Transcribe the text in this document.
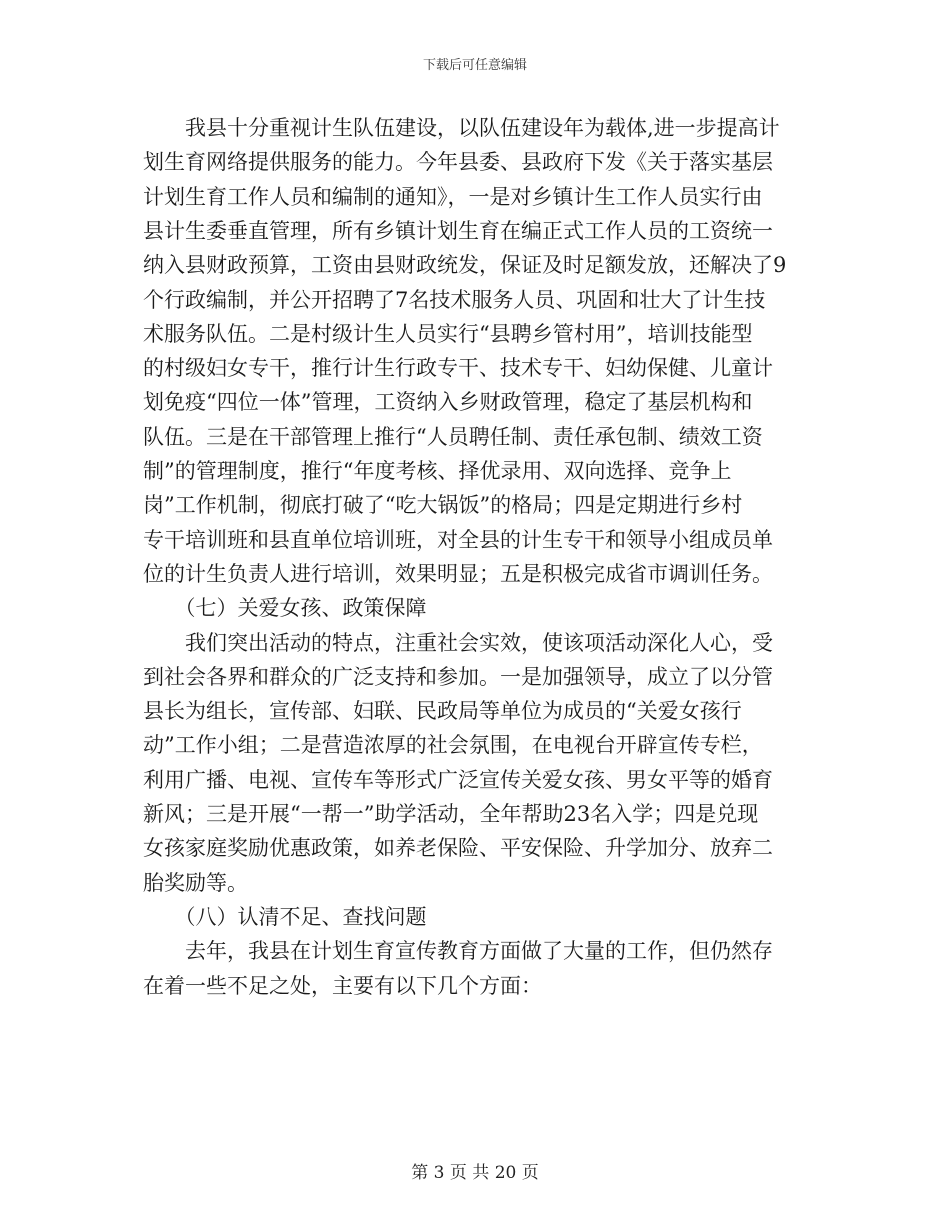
下载后可任意编辑
　　我县十分重视计生队伍建设，以队伍建设年为载体,进一步提高计
划生育网络提供服务的能力。今年县委、县政府下发《关于落实基层
计划生育工作人员和编制的通知》，一是对乡镇计生工作人员实行由
县计生委垂直管理，所有乡镇计划生育在编正式工作人员的工资统一
纳入县财政预算，工资由县财政统发，保证及时足额发放，还解决了9
个行政编制，并公开招聘了7名技术服务人员、巩固和壮大了计生技
术服务队伍。二是村级计生人员实行“县聘乡管村用”，培训技能型
的村级妇女专干，推行计生行政专干、技术专干、妇幼保健、儿童计
划免疫“四位一体”管理，工资纳入乡财政管理，稳定了基层机构和
队伍。三是在干部管理上推行“人员聘任制、责任承包制、绩效工资
制”的管理制度，推行“年度考核、择优录用、双向选择、竞争上
岗”工作机制，彻底打破了“吃大锅饭”的格局；四是定期进行乡村
专干培训班和县直单位培训班，对全县的计生专干和领导小组成员单
位的计生负责人进行培训，效果明显；五是积极完成省市调训任务。
　　（七）关爱女孩、政策保障
　　我们突出活动的特点，注重社会实效，使该项活动深化人心，受
到社会各界和群众的广泛支持和参加。一是加强领导，成立了以分管
县长为组长，宣传部、妇联、民政局等单位为成员的“关爱女孩行
动”工作小组；二是营造浓厚的社会氛围，在电视台开辟宣传专栏，
利用广播、电视、宣传车等形式广泛宣传关爱女孩、男女平等的婚育
新风；三是开展“一帮一”助学活动，全年帮助23名入学；四是兑现
女孩家庭奖励优惠政策，如养老保险、平安保险、升学加分、放弃二
胎奖励等。
　　（八）认清不足、查找问题
　　去年，我县在计划生育宣传教育方面做了大量的工作，但仍然存
在着一些不足之处，主要有以下几个方面：
第 3 页 共 20 页
